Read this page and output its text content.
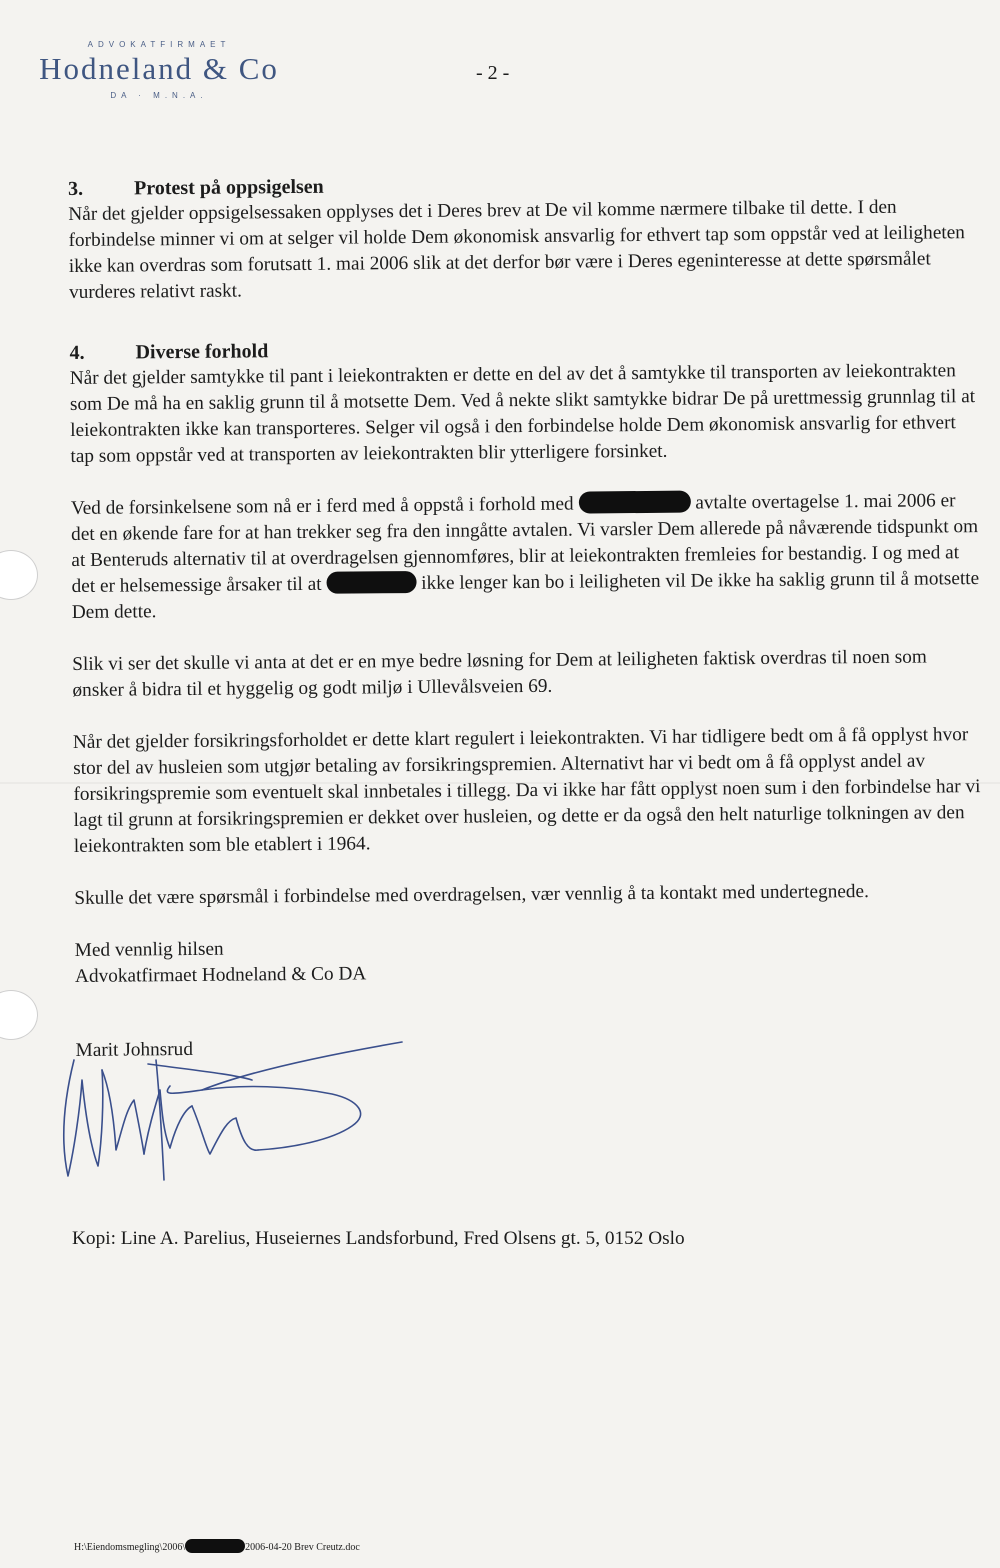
ADVOKATFIRMAET
Hodneland & Co
DA · M.N.A.
- 2 -
3.	Protest på oppsigelsen

Når det gjelder oppsigelsessaken opplyses det i Deres brev at De vil komme nærmere tilbake til dette. I den forbindelse minner vi om at selger vil holde Dem økonomisk ansvarlig for ethvert tap som oppstår ved at leiligheten ikke kan overdras som forutsatt 1. mai 2006 slik at det derfor bør være i Deres egeninteresse at dette spørsmålet vurderes relativt raskt.

4.	Diverse forhold

Når det gjelder samtykke til pant i leiekontrakten er dette en del av det å samtykke til transporten av leiekontrakten som De må ha en saklig grunn til å motsette Dem. Ved å nekte slikt samtykke bidrar De på urettmessig grunnlag til at leiekontrakten ikke kan transporteres. Selger vil også i den forbindelse holde Dem økonomisk ansvarlig for ethvert tap som oppstår ved at transporten av leiekontrakten blir ytterligere forsinket.

Ved de forsinkelsene som nå er i ferd med å oppstå i forhold med	avtalte overtagelse 1. mai 2006 er det en økende fare for at han trekker seg fra den inngåtte avtalen. Vi varsler Dem allerede på nåværende tidspunkt om at Benteruds alternativ til at overdragelsen gjennomføres, blir at leiekontrakten fremleies for bestandig. I og med at det er helsemessige årsaker til at	ikke lenger kan bo i leiligheten vil De ikke ha saklig grunn til å motsette Dem dette.

Slik vi ser det skulle vi anta at det er en mye bedre løsning for Dem at leiligheten faktisk overdras til noen som ønsker å bidra til et hyggelig og godt miljø i Ullevålsveien 69.

Når det gjelder forsikringsforholdet er dette klart regulert i leiekontrakten. Vi har tidligere bedt om å få opplyst hvor stor del av husleien som utgjør betaling av forsikringspremien. Alternativt har vi bedt om å få opplyst andel av forsikringspremie som eventuelt skal innbetales i tillegg. Da vi ikke har fått opplyst noen sum i den forbindelse har vi lagt til grunn at forsikringspremien er dekket over husleien, og dette er da også den helt naturlige tolkningen av den leiekontrakten som ble etablert i 1964.

Skulle det være spørsmål i forbindelse med overdragelsen, vær vennlig å ta kontakt med undertegnede.

Med vennlig hilsen

Advokatfirmaet Hodneland & Co DA

Marit Johnsrud

Kopi: Line A. Parelius, Huseiernes Landsforbund, Fred Olsens gt. 5, 0152 Oslo
H:\Eiendomsmegling\2006\	2006-04-20 Brev Creutz.doc
